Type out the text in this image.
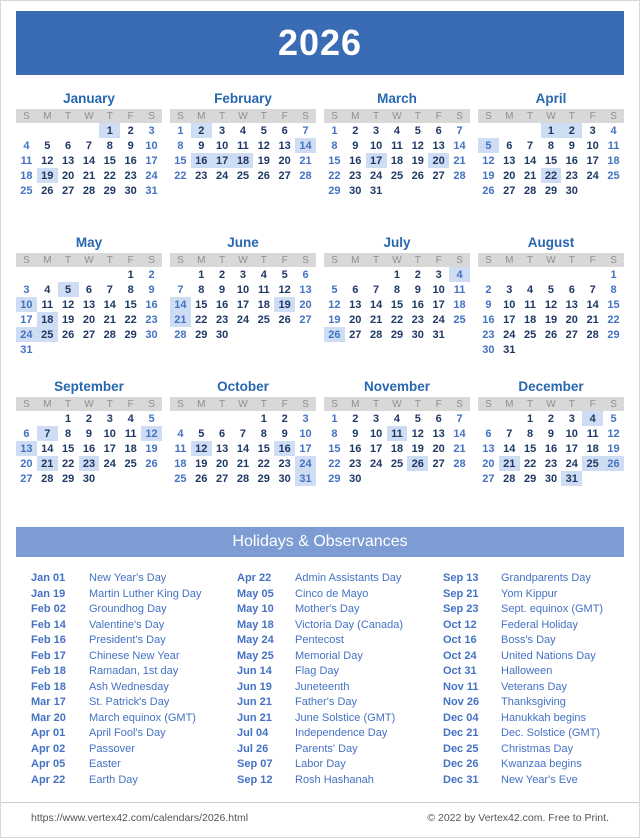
2026
January
S	M	T	W	T	F	S
				1	2	3
4	5	6	7	8	9	10
11	12	13	14	15	16	17
18	19	20	21	22	23	24
25	26	27	28	29	30	31
February
S	M	T	W	T	F	S
1	2	3	4	5	6	7
8	9	10	11	12	13	14
15	16	17	18	19	20	21
22	23	24	25	26	27	28
March
S	M	T	W	T	F	S
1	2	3	4	5	6	7
8	9	10	11	12	13	14
15	16	17	18	19	20	21
22	23	24	25	26	27	28
29	30	31				
April
S	M	T	W	T	F	S
			1	2	3	4
5	6	7	8	9	10	11
12	13	14	15	16	17	18
19	20	21	22	23	24	25
26	27	28	29	30		
May
S	M	T	W	T	F	S
					1	2
3	4	5	6	7	8	9
10	11	12	13	14	15	16
17	18	19	20	21	22	23
24	25	26	27	28	29	30
31						
June
S	M	T	W	T	F	S
	1	2	3	4	5	6
7	8	9	10	11	12	13
14	15	16	17	18	19	20
21	22	23	24	25	26	27
28	29	30				
July
S	M	T	W	T	F	S
			1	2	3	4
5	6	7	8	9	10	11
12	13	14	15	16	17	18
19	20	21	22	23	24	25
26	27	28	29	30	31	
August
S	M	T	W	T	F	S
						1
2	3	4	5	6	7	8
9	10	11	12	13	14	15
16	17	18	19	20	21	22
23	24	25	26	27	28	29
30	31					
September
S	M	T	W	T	F	S
		1	2	3	4	5
6	7	8	9	10	11	12
13	14	15	16	17	18	19
20	21	22	23	24	25	26
27	28	29	30			
October
S	M	T	W	T	F	S
				1	2	3
4	5	6	7	8	9	10
11	12	13	14	15	16	17
18	19	20	21	22	23	24
25	26	27	28	29	30	31
November
S	M	T	W	T	F	S
1	2	3	4	5	6	7
8	9	10	11	12	13	14
15	16	17	18	19	20	21
22	23	24	25	26	27	28
29	30					
December
S	M	T	W	T	F	S
		1	2	3	4	5
6	7	8	9	10	11	12
13	14	15	16	17	18	19
20	21	22	23	24	25	26
27	28	29	30	31		
Holidays & Observances
Jan 01	New Year's Day
Jan 19	Martin Luther King Day
Feb 02	Groundhog Day
Feb 14	Valentine's Day
Feb 16	President's Day
Feb 17	Chinese New Year
Feb 18	Ramadan, 1st day
Feb 18	Ash Wednesday
Mar 17	St. Patrick's Day
Mar 20	March equinox (GMT)
Apr 01	April Fool's Day
Apr 02	Passover
Apr 05	Easter
Apr 22	Earth Day
Apr 22	Admin Assistants Day
May 05	Cinco de Mayo
May 10	Mother's Day
May 18	Victoria Day (Canada)
May 24	Pentecost
May 25	Memorial Day
Jun 14	Flag Day
Jun 19	Juneteenth
Jun 21	Father's Day
Jun 21	June Solstice (GMT)
Jul 04	Independence Day
Jul 26	Parents' Day
Sep 07	Labor Day
Sep 12	Rosh Hashanah
Sep 13	Grandparents Day
Sep 21	Yom Kippur
Sep 23	Sept. equinox (GMT)
Oct 12	Federal Holiday
Oct 16	Boss's Day
Oct 24	United Nations Day
Oct 31	Halloween
Nov 11	Veterans Day
Nov 26	Thanksgiving
Dec 04	Hanukkah begins
Dec 21	Dec. Solstice (GMT)
Dec 25	Christmas Day
Dec 26	Kwanzaa begins
Dec 31	New Year's Eve
https://www.vertex42.com/calendars/2026.html	© 2022 by Vertex42.com. Free to Print.
